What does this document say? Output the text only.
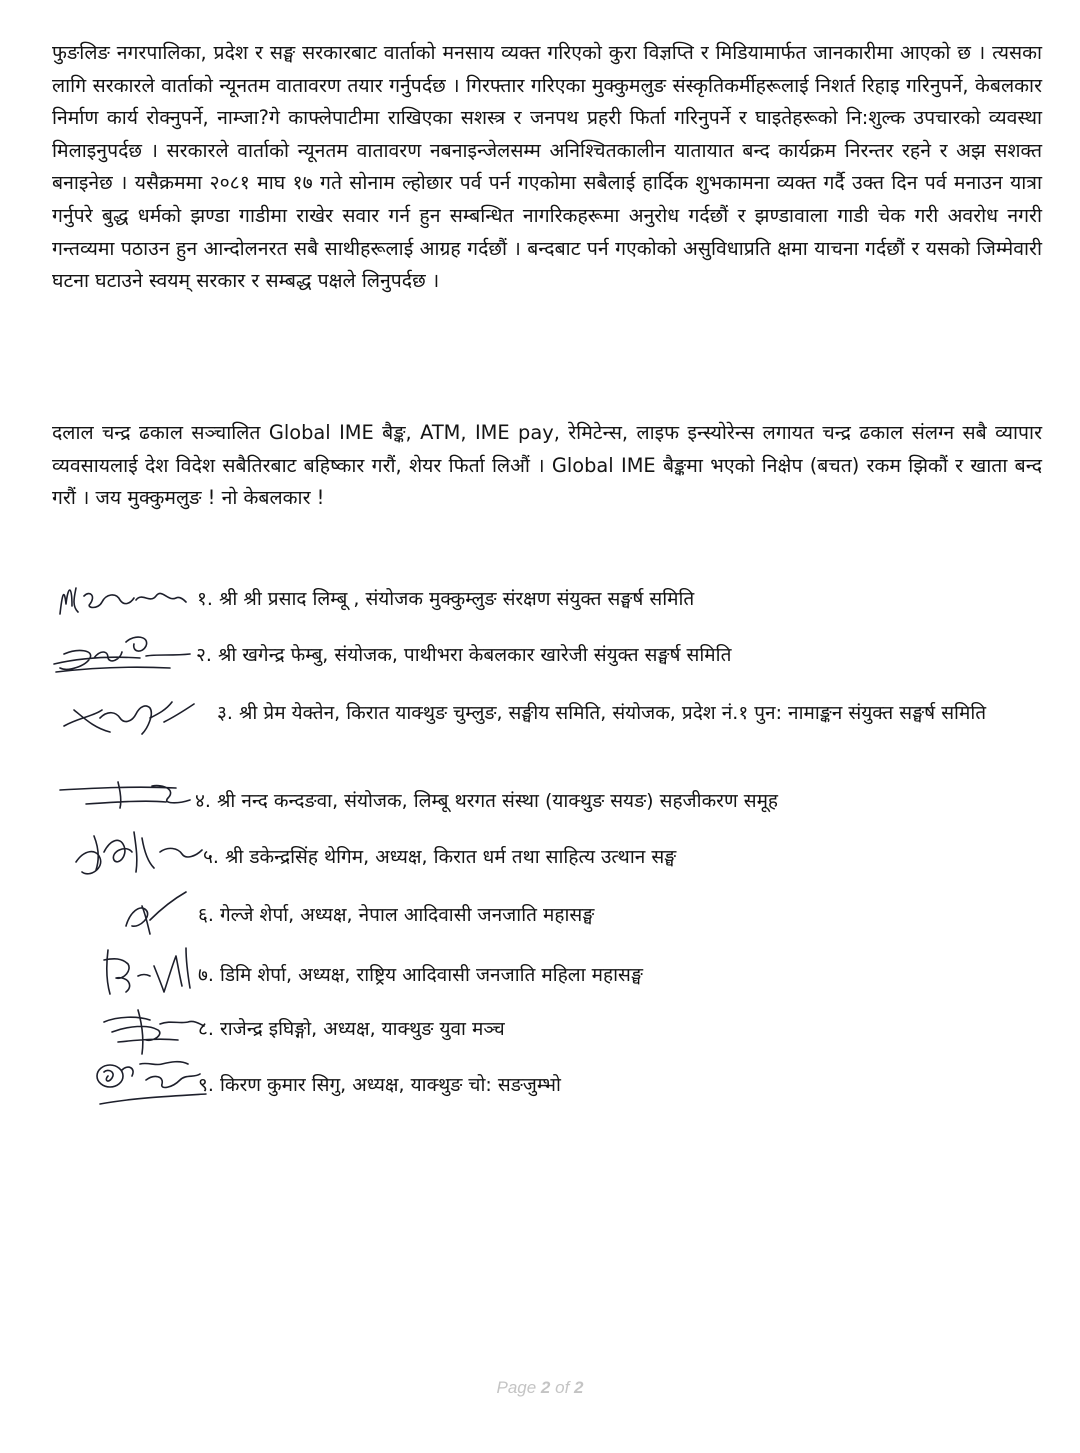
फुङलिङ नगरपालिका, प्रदेश र सङ्घ सरकारबाट वार्ताको मनसाय व्यक्त गरिएको कुरा विज्ञप्ति र मिडियामार्फत जानकारीमा आएको छ । त्यसका लागि सरकारले वार्ताको न्यूनतम वातावरण तयार गर्नुपर्दछ । गिरफ्तार गरिएका मुक्कुमलुङ संस्कृतिकर्मीहरूलाई निशर्त रिहाइ गरिनुपर्ने, केबलकार निर्माण कार्य रोक्नुपर्ने, नाम्जा?गे काफ्लेपाटीमा राखिएका सशस्त्र र जनपथ प्रहरी फिर्ता गरिनुपर्ने र घाइतेहरूको नि:शुल्क उपचारको व्यवस्था मिलाइनुपर्दछ । सरकारले वार्ताको न्यूनतम वातावरण नबनाइन्जेलसम्म अनिश्चितकालीन यातायात बन्द कार्यक्रम निरन्तर रहने र अझ सशक्त बनाइनेछ । यसैक्रममा २०८१ माघ १७ गते सोनाम ल्होछार पर्व पर्न गएकोमा सबैलाई हार्दिक शुभकामना व्यक्त गर्दै उक्त दिन पर्व मनाउन यात्रा गर्नुपरे बुद्ध धर्मको झण्डा गाडीमा राखेर सवार गर्न हुन सम्बन्धित नागरिकहरूमा अनुरोध गर्दछौं र झण्डावाला गाडी चेक गरी अवरोध नगरी गन्तव्यमा पठाउन हुन आन्दोलनरत सबै साथीहरूलाई आग्रह गर्दछौं । बन्दबाट पर्न गएकोको असुविधाप्रति क्षमा याचना गर्दछौं र यसको जिम्मेवारी घटना घटाउने स्वयम् सरकार र सम्बद्ध पक्षले लिनुपर्दछ ।

दलाल चन्द्र ढकाल सञ्चालित Global IME बैङ्क, ATM, IME pay, रेमिटेन्स, लाइफ इन्स्योरेन्स लगायत चन्द्र ढकाल संलग्न सबै व्यापार व्यवसायलाई देश विदेश सबैतिरबाट बहिष्कार गरौं, शेयर फिर्ता लिऔं । Global IME बैङ्कमा भएको निक्षेप (बचत) रकम झिकौं र खाता बन्द गरौं । जय मुक्कुमलुङ ! नो केबलकार !

१. श्री श्री प्रसाद लिम्बू , संयोजक मुक्कुम्लुङ संरक्षण संयुक्त सङ्घर्ष समिति
२. श्री खगेन्द्र फेम्बु, संयोजक, पाथीभरा केबलकार खारेजी संयुक्त सङ्घर्ष समिति
३. श्री प्रेम येक्तेन, किरात याक्थुङ चुम्लुङ, सङ्घीय समिति, संयोजक, प्रदेश नं.१ पुन: नामाङ्कन संयुक्त सङ्घर्ष समिति
४. श्री नन्द कन्दङवा, संयोजक, लिम्बू थरगत संस्था (याक्थुङ सयङ) सहजीकरण समूह
५. श्री डकेन्द्रसिंह थेगिम, अध्यक्ष, किरात धर्म तथा साहित्य उत्थान सङ्घ
६. गेल्जे शेर्पा, अध्यक्ष, नेपाल आदिवासी जनजाति महासङ्घ
७. डिमि शेर्पा, अध्यक्ष, राष्ट्रिय आदिवासी जनजाति महिला महासङ्घ
८. राजेन्द्र इघिङ्गो, अध्यक्ष, याक्थुङ युवा मञ्च
९. किरण कुमार सिगु, अध्यक्ष, याक्थुङ चो: सङजुम्भो
Page 2 of 2
